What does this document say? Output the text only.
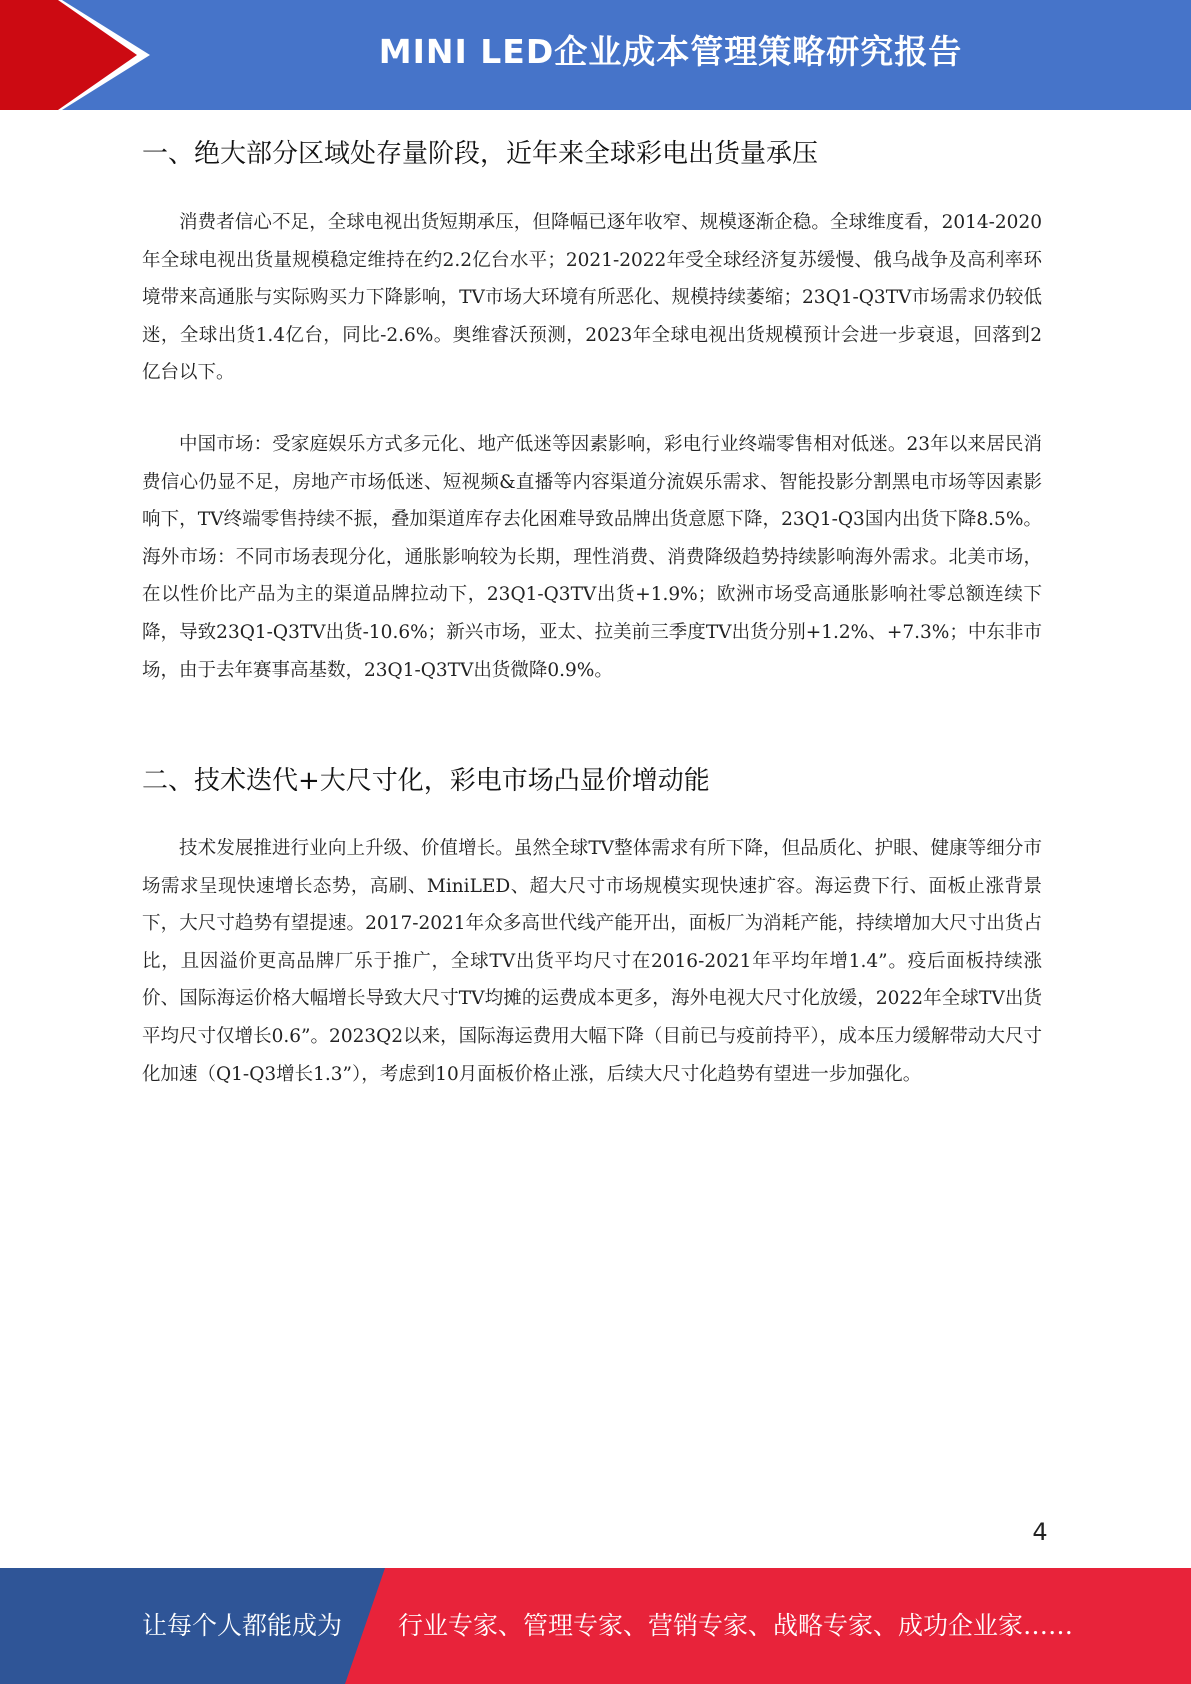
MINI LED企业成本管理策略研究报告
一、绝大部分区域处存量阶段，近年来全球彩电出货量承压

消费者信心不足，全球电视出货短期承压，但降幅已逐年收窄、规模逐渐企稳。全球维度看，2014-2020年全球电视出货量规模稳定维持在约2.2亿台水平；2021-2022年受全球经济复苏缓慢、俄乌战争及高利率环境带来高通胀与实际购买力下降影响，TV市场大环境有所恶化、规模持续萎缩；23Q1-Q3TV市场需求仍较低迷，全球出货1.4亿台，同比-2.6%。奥维睿沃预测，2023年全球电视出货规模预计会进一步衰退，回落到2亿台以下。

中国市场：受家庭娱乐方式多元化、地产低迷等因素影响，彩电行业终端零售相对低迷。23年以来居民消费信心仍显不足，房地产市场低迷、短视频&直播等内容渠道分流娱乐需求、智能投影分割黑电市场等因素影响下，TV终端零售持续不振，叠加渠道库存去化困难导致品牌出货意愿下降，23Q1-Q3国内出货下降8.5%。海外市场：不同市场表现分化，通胀影响较为长期，理性消费、消费降级趋势持续影响海外需求。北美市场，在以性价比产品为主的渠道品牌拉动下，23Q1-Q3TV出货+1.9%；欧洲市场受高通胀影响社零总额连续下降，导致23Q1-Q3TV出货-10.6%；新兴市场，亚太、拉美前三季度TV出货分别+1.2%、+7.3%；中东非市场，由于去年赛事高基数，23Q1-Q3TV出货微降0.9%。

二、技术迭代+大尺寸化，彩电市场凸显价增动能

技术发展推进行业向上升级、价值增长。虽然全球TV整体需求有所下降，但品质化、护眼、健康等细分市场需求呈现快速增长态势，高刷、MiniLED、超大尺寸市场规模实现快速扩容。海运费下行、面板止涨背景下，大尺寸趋势有望提速。2017-2021年众多高世代线产能开出，面板厂为消耗产能，持续增加大尺寸出货占比，且因溢价更高品牌厂乐于推广，全球TV出货平均尺寸在2016-2021年平均年增1.4”。疫后面板持续涨价、国际海运价格大幅增长导致大尺寸TV均摊的运费成本更多，海外电视大尺寸化放缓，2022年全球TV出货平均尺寸仅增长0.6”。2023Q2以来，国际海运费用大幅下降（目前已与疫前持平），成本压力缓解带动大尺寸化加速（Q1-Q3增长1.3”），考虑到10月面板价格止涨，后续大尺寸化趋势有望进一步加强化。

4
让每个人都能成为 行业专家、管理专家、营销专家、战略专家、成功企业家……
